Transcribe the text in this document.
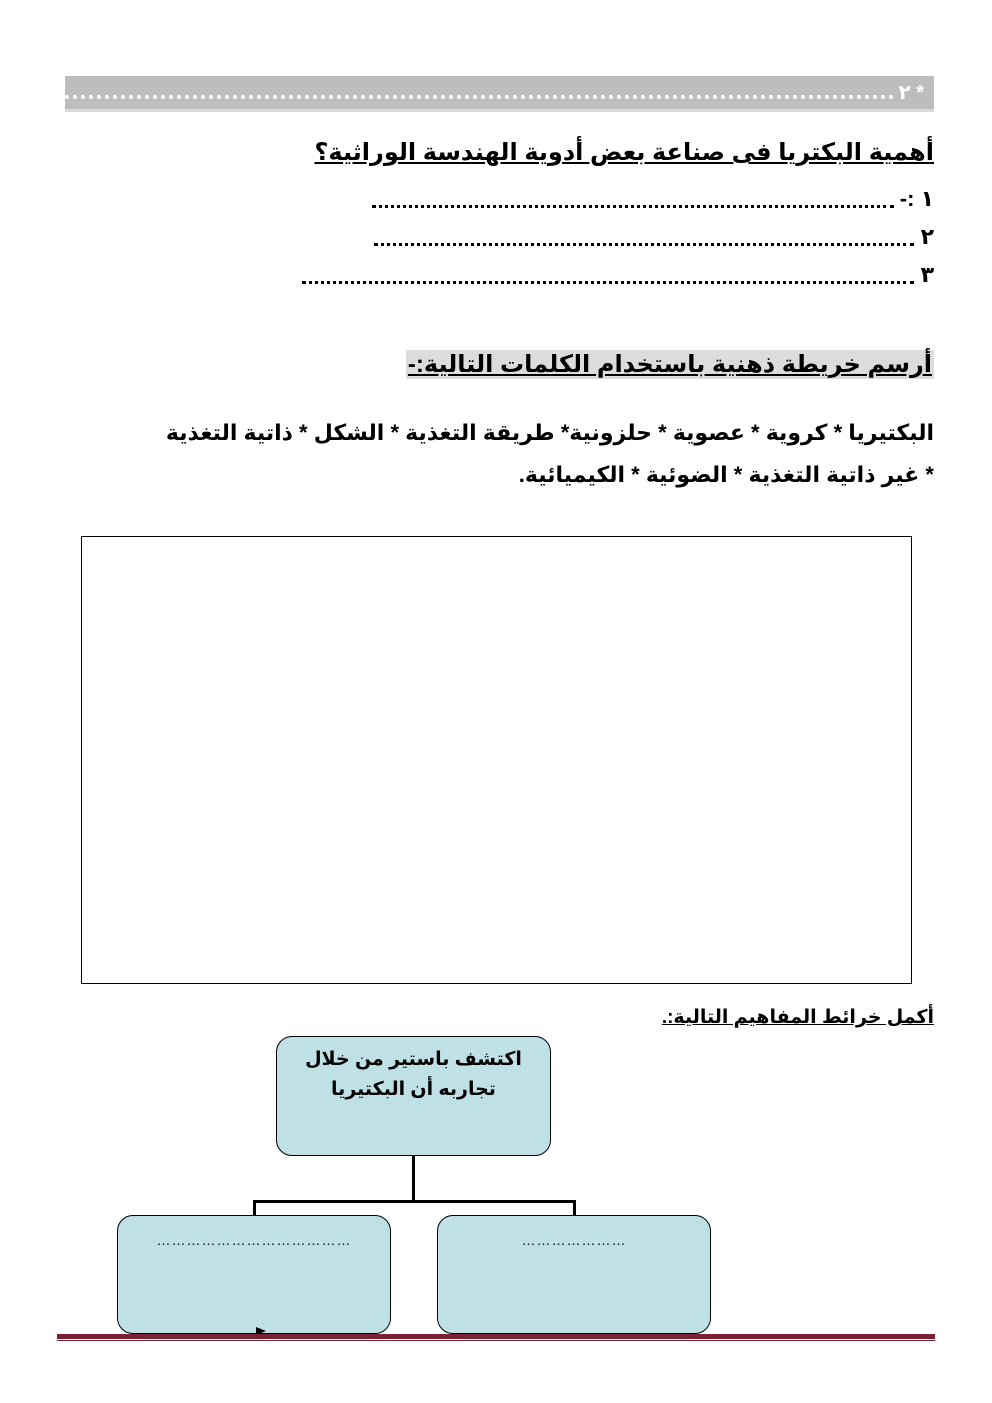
٢ *
أهمية البكتريا فى صناعة بعض أدوية الهندسة الوراثية؟
١ :-
٢
٣
أرسم خريطة ذهنية باستخدام الكلمات التالية:-
البكتيريا * كروية * عصوية * حلزونية* طريقة التغذية * الشكل * ذاتية التغذية
* غير ذاتية التغذية * الضوئية * الكيميائية.
أكمل خرائط المفاهيم التالية:.
اكتشف باستير من خلال
تجاربه أن البكتيريا
…………………………………	…………………
